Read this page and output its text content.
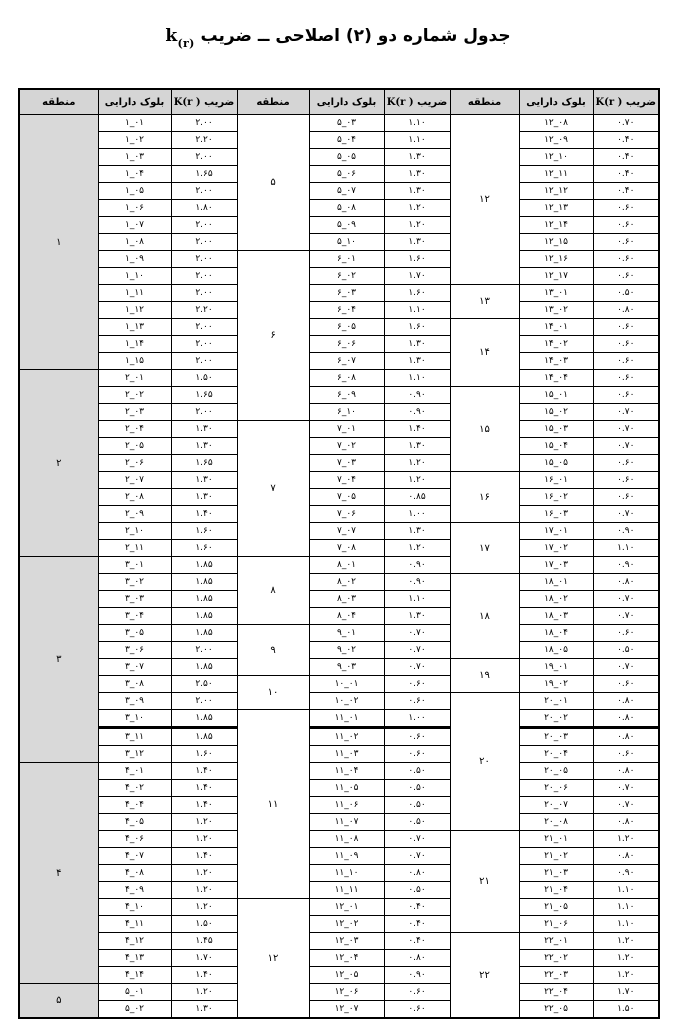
جدول شماره دو (۲) اصلاحی ــ ضریب $k_{(r)}$
منطقه	بلوک دارایی	ضریب K(r )	منطقه	بلوک دارایی	ضریب K(r )	منطقه	بلوک دارایی	ضریب K(r )
۱	۱_۰۱	۲.۰۰	۵	۵_۰۳	۱.۱۰	۱۲	۱۲_۰۸	۰.۷۰
	۱_۰۲	۲.۲۰		۵_۰۴	۱.۱۰		۱۲_۰۹	۰.۴۰
	۱_۰۳	۲.۰۰		۵_۰۵	۱.۳۰		۱۲_۱۰	۰.۴۰
	۱_۰۴	۱.۶۵		۵_۰۶	۱.۳۰		۱۲_۱۱	۰.۴۰
	۱_۰۵	۲.۰۰		۵_۰۷	۱.۳۰		۱۲_۱۲	۰.۴۰
	۱_۰۶	۱.۸۰		۵_۰۸	۱.۲۰		۱۲_۱۳	۰.۶۰
	۱_۰۷	۲.۰۰		۵_۰۹	۱.۲۰		۱۲_۱۴	۰.۶۰
	۱_۰۸	۲.۰۰		۵_۱۰	۱.۳۰		۱۲_۱۵	۰.۶۰
	۱_۰۹	۲.۰۰	۶	۶_۰۱	۱.۶۰		۱۲_۱۶	۰.۶۰
	۱_۱۰	۲.۰۰		۶_۰۲	۱.۷۰		۱۲_۱۷	۰.۶۰
	۱_۱۱	۲.۰۰		۶_۰۳	۱.۶۰	۱۳	۱۳_۰۱	۰.۵۰
	۱_۱۲	۲.۲۰		۶_۰۴	۱.۱۰		۱۳_۰۲	۰.۸۰
	۱_۱۳	۲.۰۰		۶_۰۵	۱.۶۰	۱۴	۱۴_۰۱	۰.۶۰
	۱_۱۴	۲.۰۰		۶_۰۶	۱.۳۰		۱۴_۰۲	۰.۶۰
	۱_۱۵	۲.۰۰		۶_۰۷	۱.۳۰		۱۴_۰۳	۰.۶۰
۲	۲_۰۱	۱.۵۰		۶_۰۸	۱.۱۰		۱۴_۰۴	۰.۶۰
	۲_۰۲	۱.۶۵		۶_۰۹	۰.۹۰	۱۵	۱۵_۰۱	۰.۶۰
	۲_۰۳	۲.۰۰		۶_۱۰	۰.۹۰		۱۵_۰۲	۰.۷۰
	۲_۰۴	۱.۳۰	۷	۷_۰۱	۱.۴۰		۱۵_۰۳	۰.۷۰
	۲_۰۵	۱.۳۰		۷_۰۲	۱.۳۰		۱۵_۰۴	۰.۷۰
	۲_۰۶	۱.۶۵		۷_۰۳	۱.۲۰		۱۵_۰۵	۰.۶۰
	۲_۰۷	۱.۳۰		۷_۰۴	۱.۲۰	۱۶	۱۶_۰۱	۰.۶۰
	۲_۰۸	۱.۳۰		۷_۰۵	۰.۸۵		۱۶_۰۲	۰.۶۰
	۲_۰۹	۱.۴۰		۷_۰۶	۱.۰۰		۱۶_۰۳	۰.۷۰
	۲_۱۰	۱.۶۰		۷_۰۷	۱.۳۰	۱۷	۱۷_۰۱	۰.۹۰
	۲_۱۱	۱.۶۰		۷_۰۸	۱.۲۰		۱۷_۰۲	۱.۱۰
۳	۳_۰۱	۱.۸۵	۸	۸_۰۱	۰.۹۰		۱۷_۰۳	۰.۹۰
	۳_۰۲	۱.۸۵		۸_۰۲	۰.۹۰	۱۸	۱۸_۰۱	۰.۸۰
	۳_۰۳	۱.۸۵		۸_۰۳	۱.۱۰		۱۸_۰۲	۰.۷۰
	۳_۰۴	۱.۸۵		۸_۰۴	۱.۳۰		۱۸_۰۳	۰.۷۰
	۳_۰۵	۱.۸۵	۹	۹_۰۱	۰.۷۰		۱۸_۰۴	۰.۶۰
	۳_۰۶	۲.۰۰		۹_۰۲	۰.۷۰		۱۸_۰۵	۰.۵۰
	۳_۰۷	۱.۸۵		۹_۰۳	۰.۷۰	۱۹	۱۹_۰۱	۰.۷۰
	۳_۰۸	۲.۵۰	۱۰	۱۰_۰۱	۰.۶۰		۱۹_۰۲	۰.۶۰
	۳_۰۹	۲.۰۰		۱۰_۰۲	۰.۶۰	۲۰	۲۰_۰۱	۰.۸۰
	۳_۱۰	۱.۸۵	۱۱	۱۱_۰۱	۱.۰۰		۲۰_۰۲	۰.۸۰
	۳_۱۱	۱.۸۵		۱۱_۰۲	۰.۶۰		۲۰_۰۳	۰.۸۰
	۳_۱۲	۱.۶۰		۱۱_۰۳	۰.۶۰		۲۰_۰۴	۰.۶۰
۴	۴_۰۱	۱.۴۰		۱۱_۰۴	۰.۵۰		۲۰_۰۵	۰.۸۰
	۴_۰۲	۱.۴۰		۱۱_۰۵	۰.۵۰		۲۰_۰۶	۰.۷۰
	۴_۰۴	۱.۴۰		۱۱_۰۶	۰.۵۰		۲۰_۰۷	۰.۷۰
	۴_۰۵	۱.۲۰		۱۱_۰۷	۰.۵۰		۲۰_۰۸	۰.۸۰
	۴_۰۶	۱.۲۰		۱۱_۰۸	۰.۷۰	۲۱	۲۱_۰۱	۱.۲۰
	۴_۰۷	۱.۴۰		۱۱_۰۹	۰.۷۰		۲۱_۰۲	۰.۸۰
	۴_۰۸	۱.۲۰		۱۱_۱۰	۰.۸۰		۲۱_۰۳	۰.۹۰
	۴_۰۹	۱.۲۰		۱۱_۱۱	۰.۵۰		۲۱_۰۴	۱.۱۰
	۴_۱۰	۱.۲۰	۱۲	۱۲_۰۱	۰.۴۰		۲۱_۰۵	۱.۱۰
	۴_۱۱	۱.۵۰		۱۲_۰۲	۰.۴۰		۲۱_۰۶	۱.۱۰
	۴_۱۲	۱.۴۵		۱۲_۰۳	۰.۴۰	۲۲	۲۲_۰۱	۱.۲۰
	۴_۱۳	۱.۷۰		۱۲_۰۴	۰.۸۰		۲۲_۰۲	۱.۲۰
	۴_۱۴	۱.۴۰		۱۲_۰۵	۰.۹۰		۲۲_۰۳	۱.۲۰
۵	۵_۰۱	۱.۲۰		۱۲_۰۶	۰.۶۰		۲۲_۰۴	۱.۷۰
	۵_۰۲	۱.۳۰		۱۲_۰۷	۰.۶۰		۲۲_۰۵	۱.۵۰
